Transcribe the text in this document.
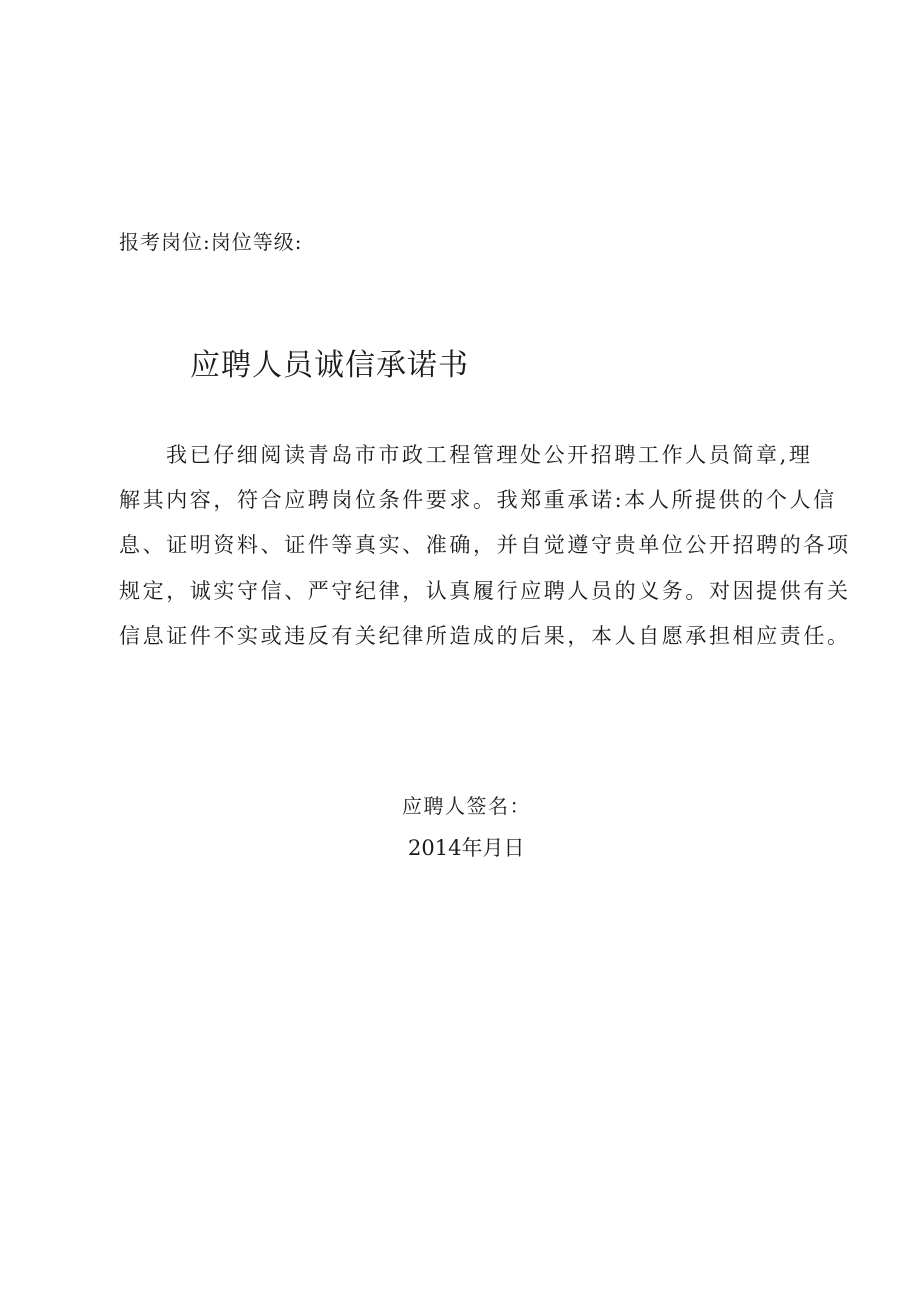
报考岗位:岗位等级:
应聘人员诚信承诺书
我已仔细阅读青岛市市政工程管理处公开招聘工作人员简章,理
解其内容，符合应聘岗位条件要求。我郑重承诺:本人所提供的个人信
息、证明资料、证件等真实、准确，并自觉遵守贵单位公开招聘的各项
规定，诚实守信、严守纪律，认真履行应聘人员的义务。对因提供有关
信息证件不实或违反有关纪律所造成的后果，本人自愿承担相应责任。
应聘人签名：
2014年月日
